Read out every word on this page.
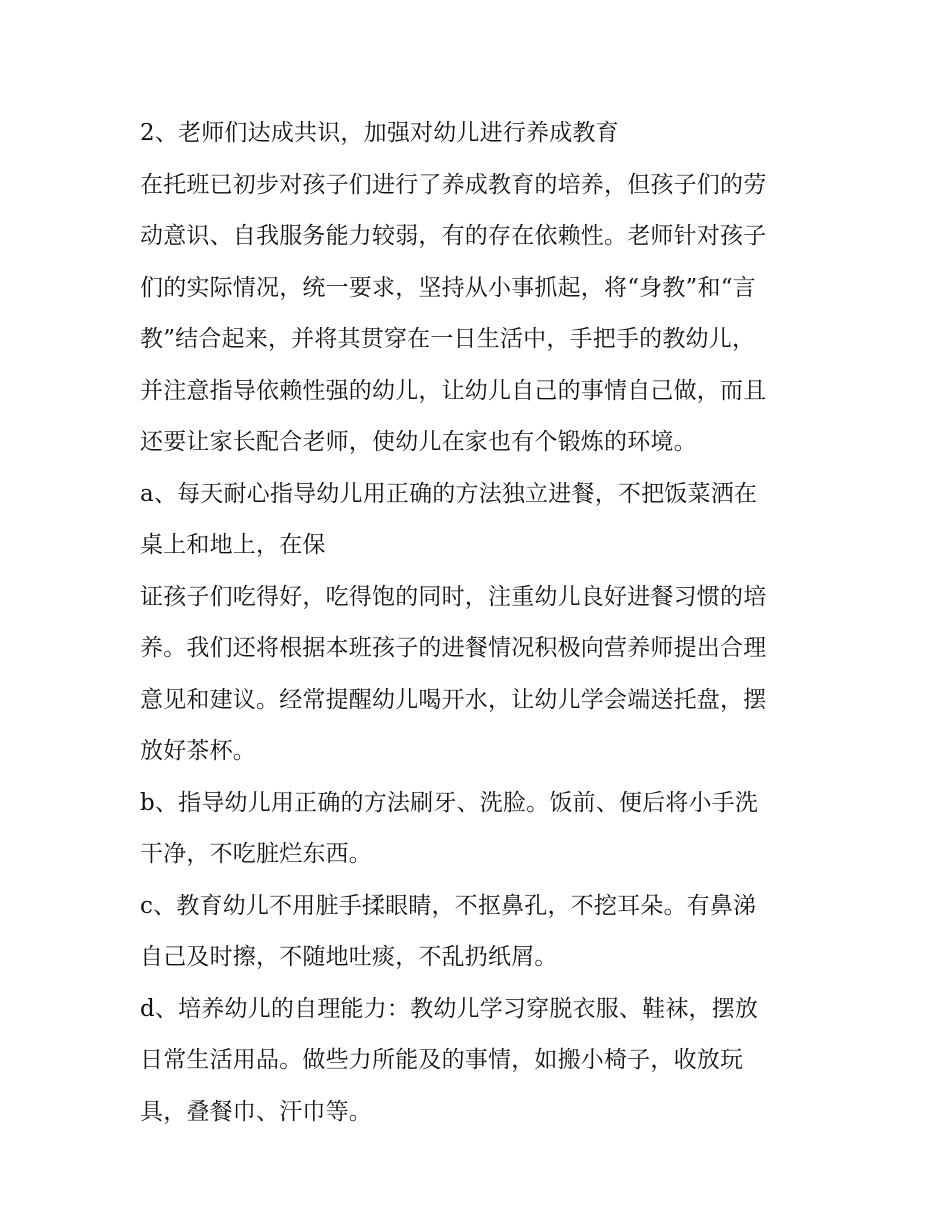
2、老师们达成共识，加强对幼儿进行养成教育
在托班已初步对孩子们进行了养成教育的培养，但孩子们的劳
动意识、自我服务能力较弱，有的存在依赖性。老师针对孩子
们的实际情况，统一要求，坚持从小事抓起，将“身教”和“言
教”结合起来，并将其贯穿在一日生活中，手把手的教幼儿，
并注意指导依赖性强的幼儿，让幼儿自己的事情自己做，而且
还要让家长配合老师，使幼儿在家也有个锻炼的环境。
a、每天耐心指导幼儿用正确的方法独立进餐，不把饭菜洒在
桌上和地上，在保
证孩子们吃得好，吃得饱的同时，注重幼儿良好进餐习惯的培
养。我们还将根据本班孩子的进餐情况积极向营养师提出合理
意见和建议。经常提醒幼儿喝开水，让幼儿学会端送托盘，摆
放好茶杯。
b、指导幼儿用正确的方法刷牙、洗脸。饭前、便后将小手洗
干净，不吃脏烂东西。
c、教育幼儿不用脏手揉眼睛，不抠鼻孔，不挖耳朵。有鼻涕
自己及时擦，不随地吐痰，不乱扔纸屑。
d、培养幼儿的自理能力：教幼儿学习穿脱衣服、鞋袜，摆放
日常生活用品。做些力所能及的事情，如搬小椅子，收放玩
具，叠餐巾、汗巾等。
